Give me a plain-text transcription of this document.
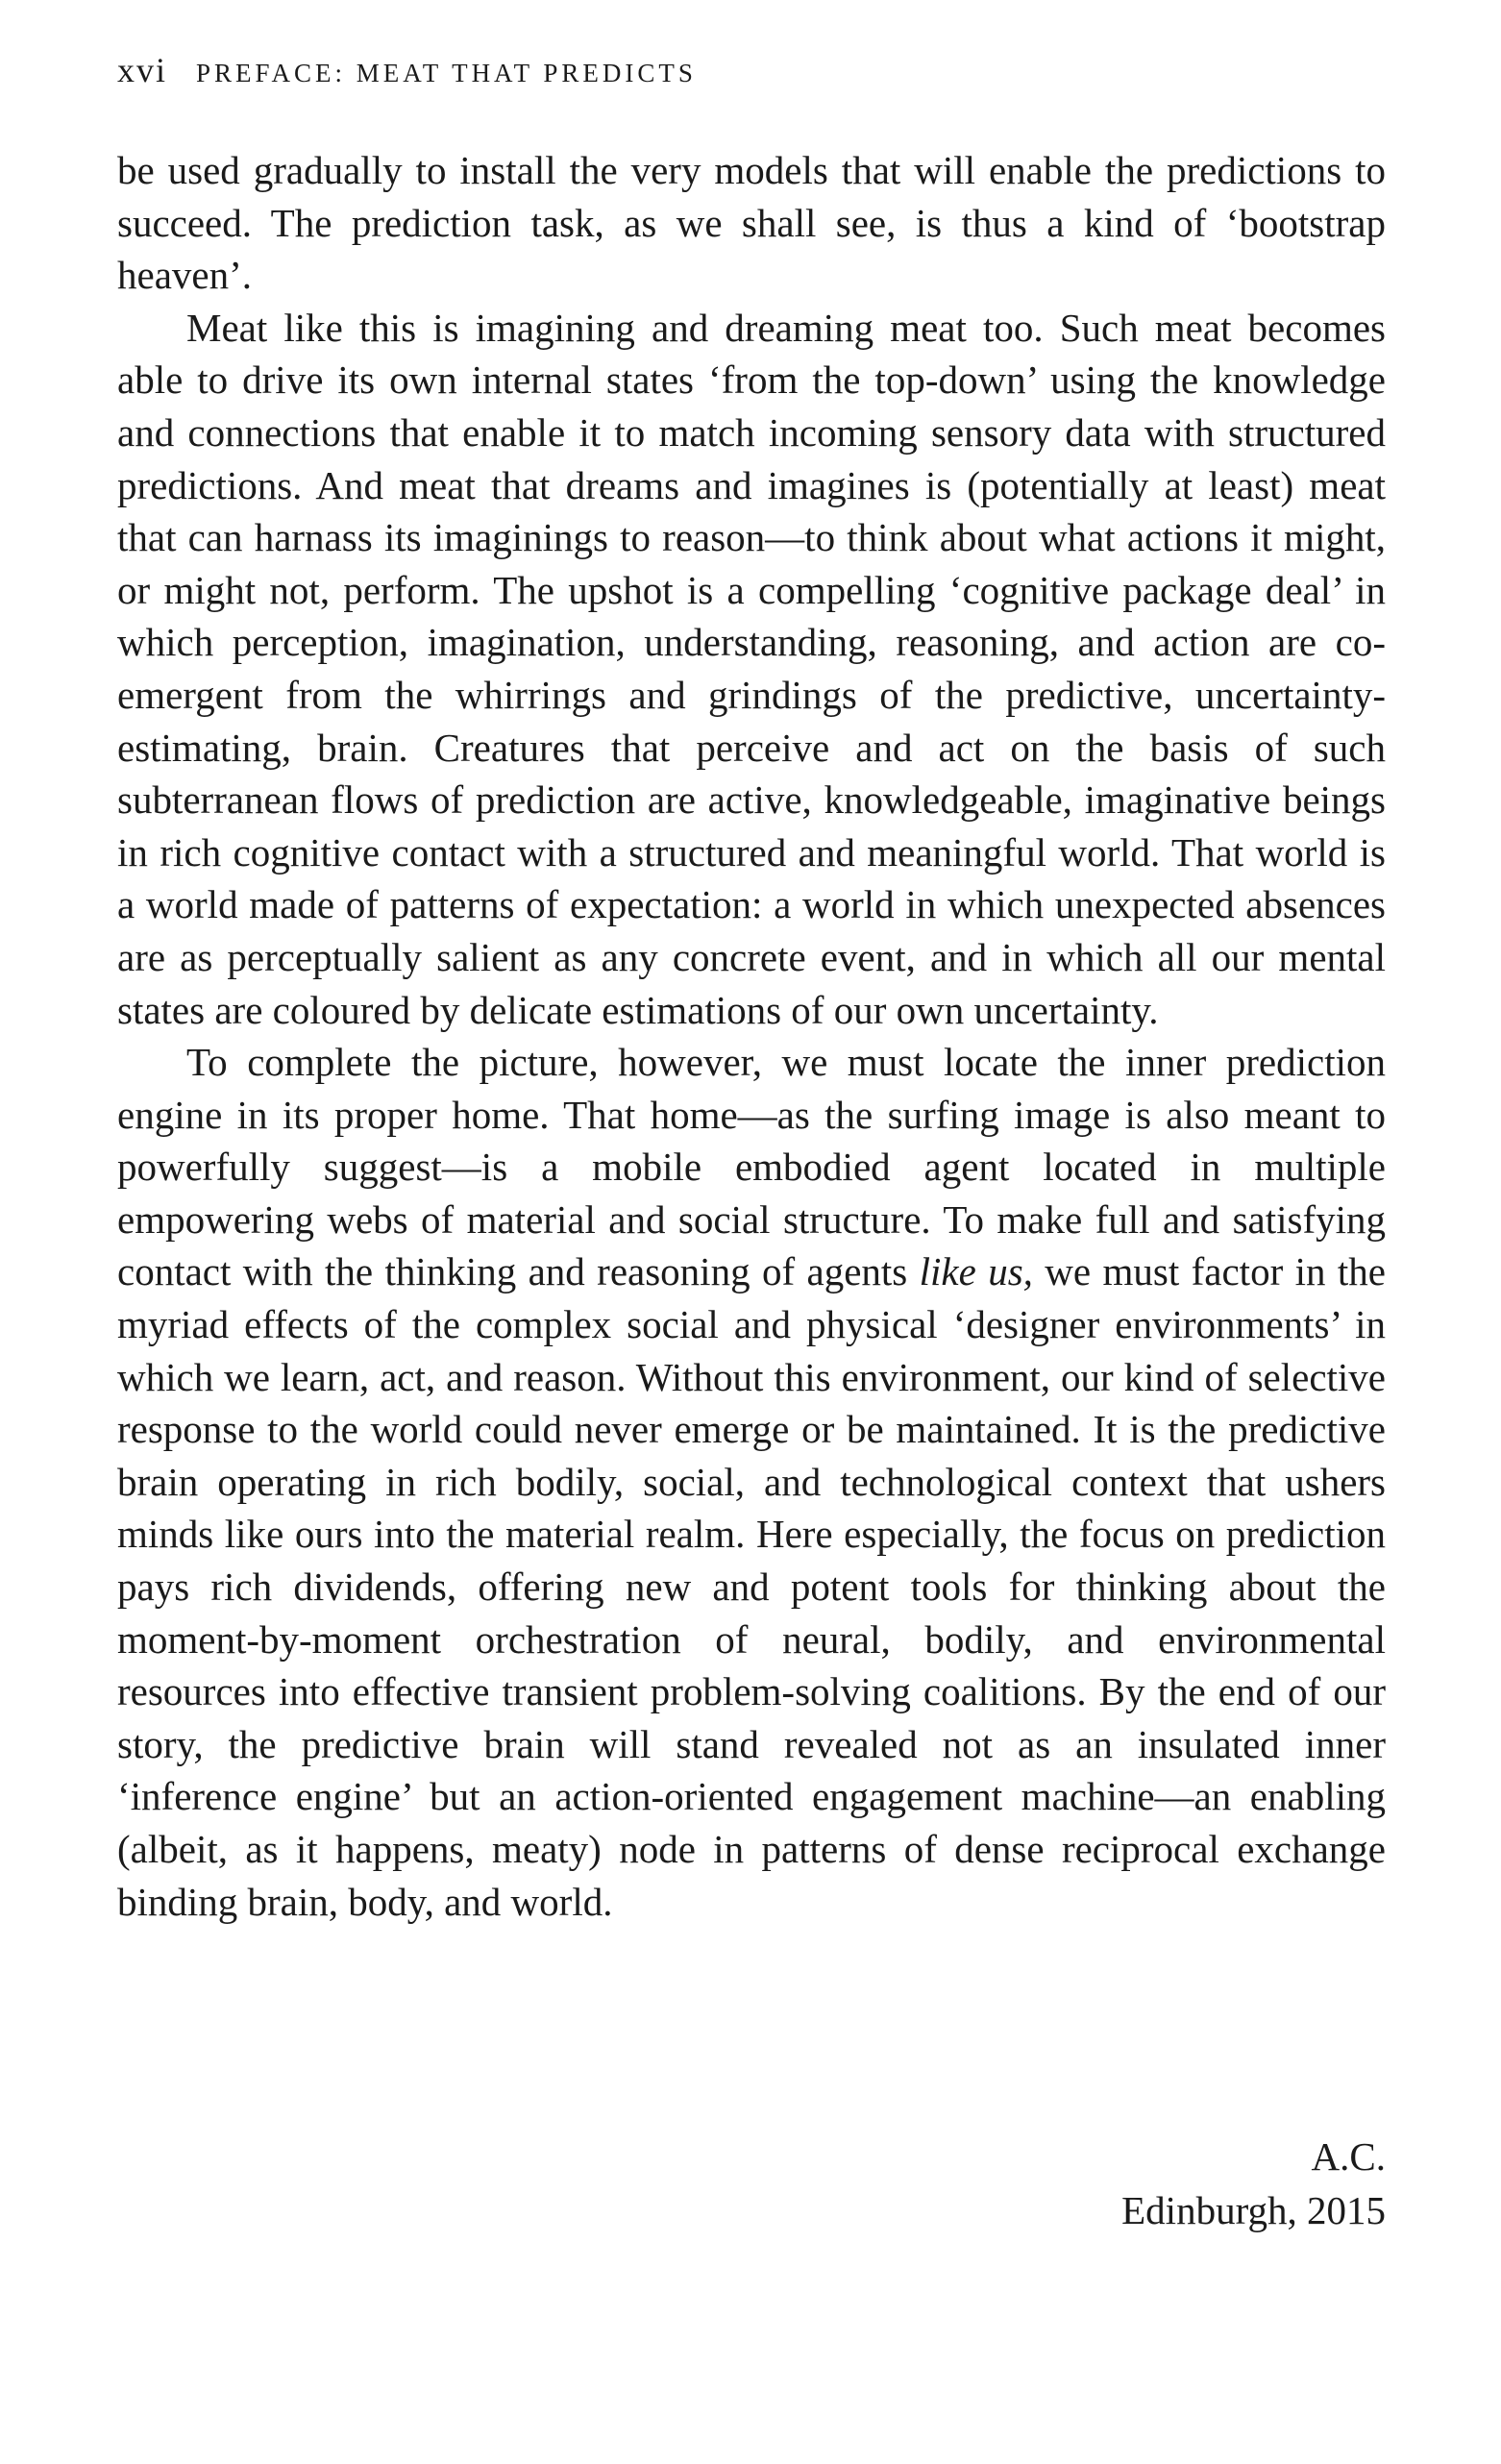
xvi PREFACE: MEAT THAT PREDICTS

be used gradually to install the very models that will enable the predictions to succeed. The prediction task, as we shall see, is thus a kind of ‘bootstrap heaven’.

Meat like this is imagining and dreaming meat too. Such meat becomes able to drive its own internal states ‘from the top-down’ using the knowledge and connections that enable it to match incoming sensory data with structured predictions. And meat that dreams and imagines is (potentially at least) meat that can harnass its imaginings to reason—to think about what actions it might, or might not, perform. The upshot is a compelling ‘cognitive package deal’ in which perception, imagination, understanding, reasoning, and action are co-emergent from the whirrings and grindings of the predictive, uncertainty-estimating, brain. Creatures that perceive and act on the basis of such subterranean flows of prediction are active, knowledgeable, imaginative beings in rich cognitive contact with a structured and meaningful world. That world is a world made of patterns of expectation: a world in which unexpected absences are as perceptually salient as any concrete event, and in which all our mental states are coloured by delicate estimations of our own uncertainty.

To complete the picture, however, we must locate the inner prediction engine in its proper home. That home—as the surfing image is also meant to powerfully suggest—is a mobile embodied agent located in multiple empowering webs of material and social structure. To make full and satisfying contact with the thinking and reasoning of agents like us, we must factor in the myriad effects of the complex social and physical ‘designer environments’ in which we learn, act, and reason. Without this environment, our kind of selective response to the world could never emerge or be maintained. It is the predictive brain operating in rich bodily, social, and technological context that ushers minds like ours into the material realm. Here especially, the focus on prediction pays rich dividends, offering new and potent tools for thinking about the moment-by-moment orchestration of neural, bodily, and environmental resources into effective transient problem-solving coalitions. By the end of our story, the predictive brain will stand revealed not as an insulated inner ‘inference engine’ but an action-oriented engagement machine—an enabling (albeit, as it happens, meaty) node in patterns of dense reciprocal exchange binding brain, body, and world.

A.C.
Edinburgh, 2015
